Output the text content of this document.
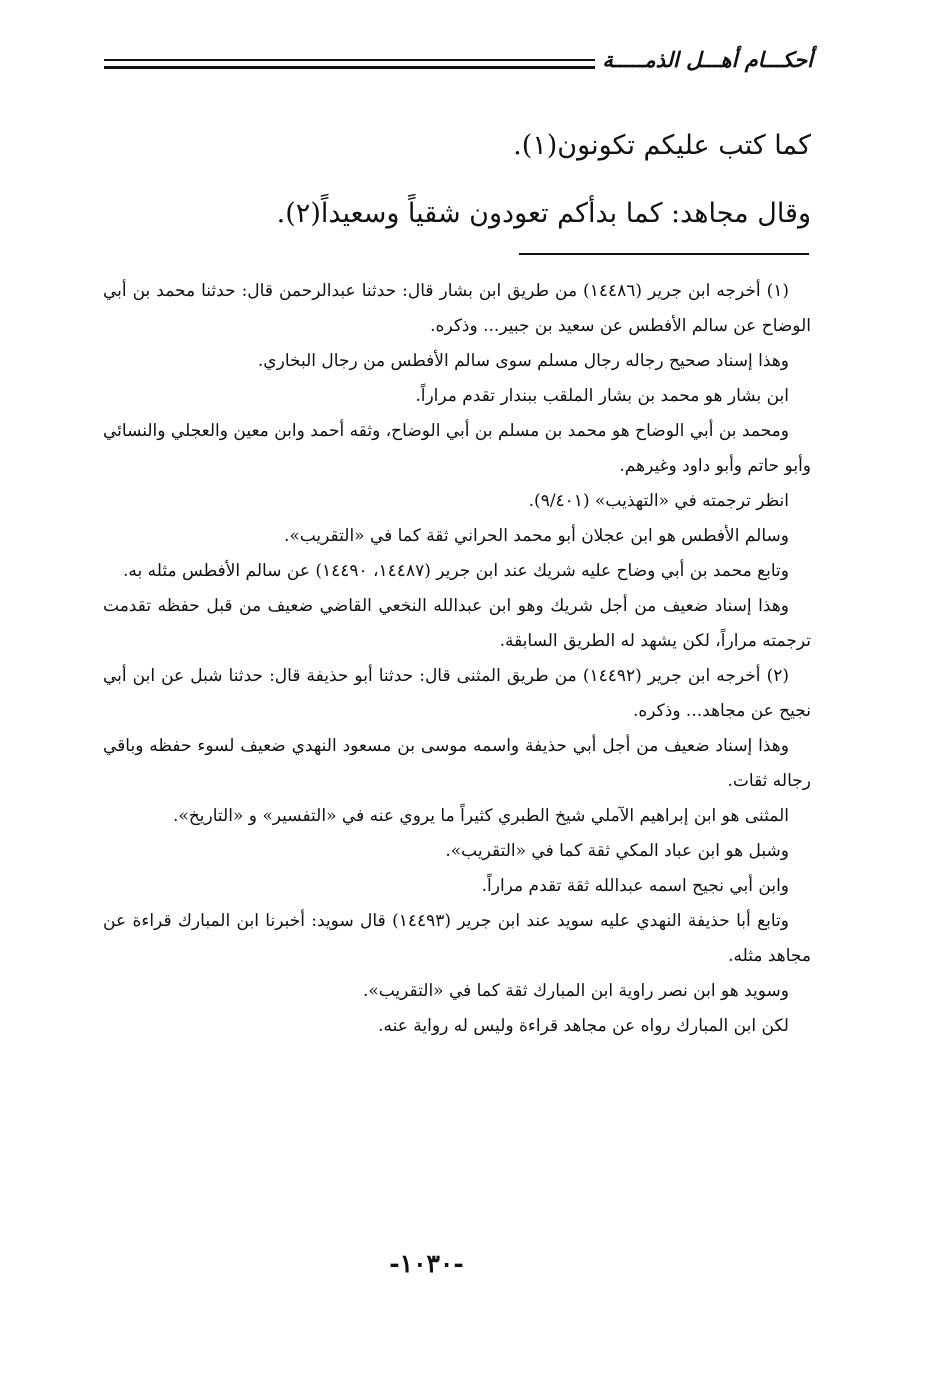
أحكـــام أهـــل الذمـــــة

كما كتب عليكم تكونون(١).

وقال مجاهد: كما بدأكم تعودون شقياً وسعيداً(٢).

(١) أخرجه ابن جرير (١٤٤٨٦) من طريق ابن بشار قال: حدثنا عبدالرحمن قال: حدثنا محمد بن أبي الوضاح عن سالم الأفطس عن سعيد بن جبير... وذكره.

وهذا إسناد صحيح رجاله رجال مسلم سوى سالم الأفطس من رجال البخاري.

ابن بشار هو محمد بن بشار الملقب ببندار تقدم مراراً.

ومحمد بن أبي الوضاح هو محمد بن مسلم بن أبي الوضاح، وثقه أحمد وابن معين والعجلي والنسائي وأبو حاتم وأبو داود وغيرهم.

انظر ترجمته في «التهذيب» (٩/٤٠١).

وسالم الأفطس هو ابن عجلان أبو محمد الحراني ثقة كما في «التقريب».

وتابع محمد بن أبي وضاح عليه شريك عند ابن جرير (١٤٤٨٧، ١٤٤٩٠) عن سالم الأفطس مثله به.

وهذا إسناد ضعيف من أجل شريك وهو ابن عبدالله النخعي القاضي ضعيف من قبل حفظه تقدمت ترجمته مراراً، لكن يشهد له الطريق السابقة.

(٢) أخرجه ابن جرير (١٤٤٩٢) من طريق المثنى قال: حدثنا أبو حذيفة قال: حدثنا شبل عن ابن أبي نجيح عن مجاهد... وذكره.

وهذا إسناد ضعيف من أجل أبي حذيفة واسمه موسى بن مسعود النهدي ضعيف لسوء حفظه وباقي رجاله ثقات.

المثنى هو ابن إبراهيم الآملي شيخ الطبري كثيراً ما يروي عنه في «التفسير» و «التاريخ».

وشبل هو ابن عباد المكي ثقة كما في «التقريب».

وابن أبي نجيح اسمه عبدالله ثقة تقدم مراراً.

وتابع أبا حذيفة النهدي عليه سويد عند ابن جرير (١٤٤٩٣) قال سويد: أخبرنا ابن المبارك قراءة عن مجاهد مثله.

وسويد هو ابن نصر راوية ابن المبارك ثقة كما في «التقريب».

لكن ابن المبارك رواه عن مجاهد قراءة وليس له رواية عنه.

-١٠٣٠-
